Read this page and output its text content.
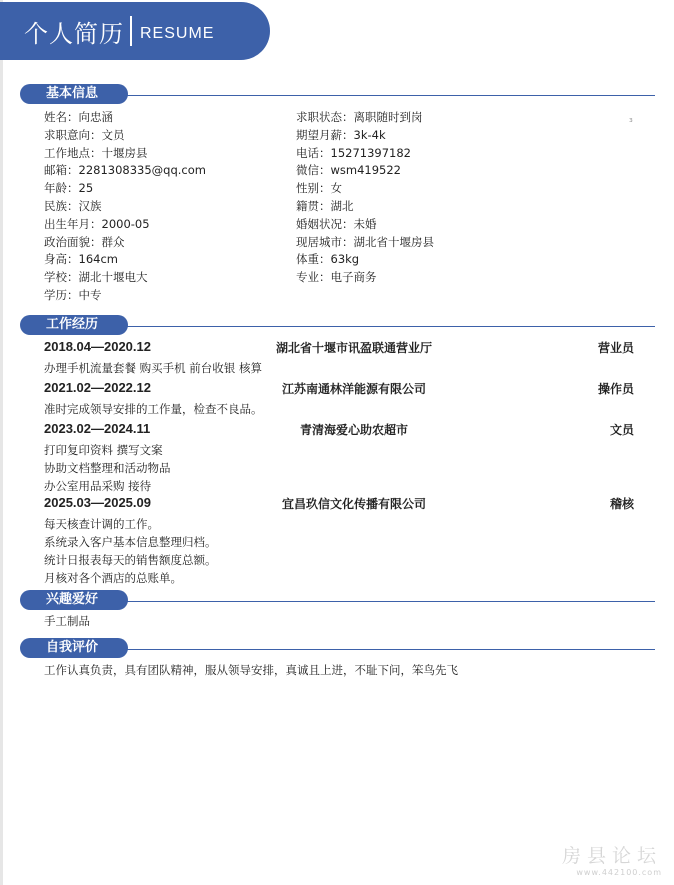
个人简历 RESUME
基本信息
з
姓名：向忠涵	求职状态：离职随时到岗
求职意向：文员	期望月薪：3k-4k
工作地点：十堰房县	电话：15271397182
邮箱：2281308335@qq.com	微信：wsm419522
年龄：25	性别：女
民族：汉族	籍贯：湖北
出生年月：2000-05	婚姻状况：未婚
政治面貌：群众	现居城市：湖北省十堰房县
身高：164cm	体重：63kg
学校：湖北十堰电大	专业：电子商务
学历：中专
工作经历
2018.04—2020.12	湖北省十堰市讯盈联通营业厅	营业员
办理手机流量套餐 购买手机 前台收银 核算
2021.02—2022.12	江苏南通林洋能源有限公司	操作员
准时完成领导安排的工作量，检查不良品。
2023.02—2024.11	青清海爱心助农超市	文员
打印复印资料 撰写文案
协助文档整理和活动物品
办公室用品采购 接待
2025.03—2025.09	宜昌玖信文化传播有限公司	稽核
每天核查计调的工作。
系统录入客户基本信息整理归档。
统计日报表每天的销售额度总额。
月核对各个酒店的总账单。
兴趣爱好
手工制品
自我评价
工作认真负责，具有团队精神，服从领导安排，真诚且上进，不耻下问，笨鸟先飞
房县论坛
www.442100.com
